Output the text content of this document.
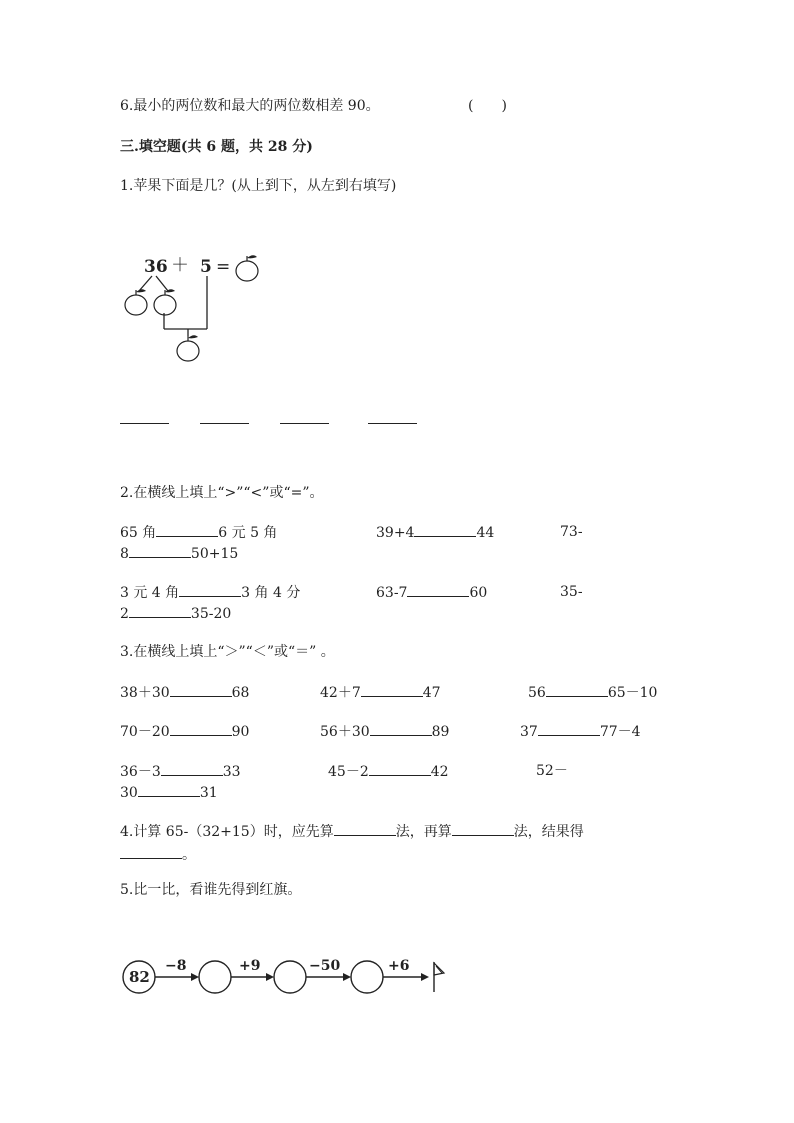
6.最小的两位数和最大的两位数相差 90。	(　　)
三.填空题(共 6 题，共 28 分)
1.苹果下面是几？(从上到下，从左到右填写)
36 ＋ 5 =
2.在横线上填上“>”“<”或“=”。
65 角	6 元 5 角	39+4	44	73-
8	50+15
3 元 4 角	3 角 4 分	63-7	60	35-
2	35-20
3.在横线上填上“＞”“＜”或“＝” 。
38＋30	68	42＋7	47	56	65－10
70－20	90	56＋30	89	37	77－4
36－3	33	45－2	42	52－
30	31
4.计算 65-（32+15）时，应先算	法，再算	法，结果得
。
5.比一比，看谁先得到红旗。
82
−8	+9	−50	+6
